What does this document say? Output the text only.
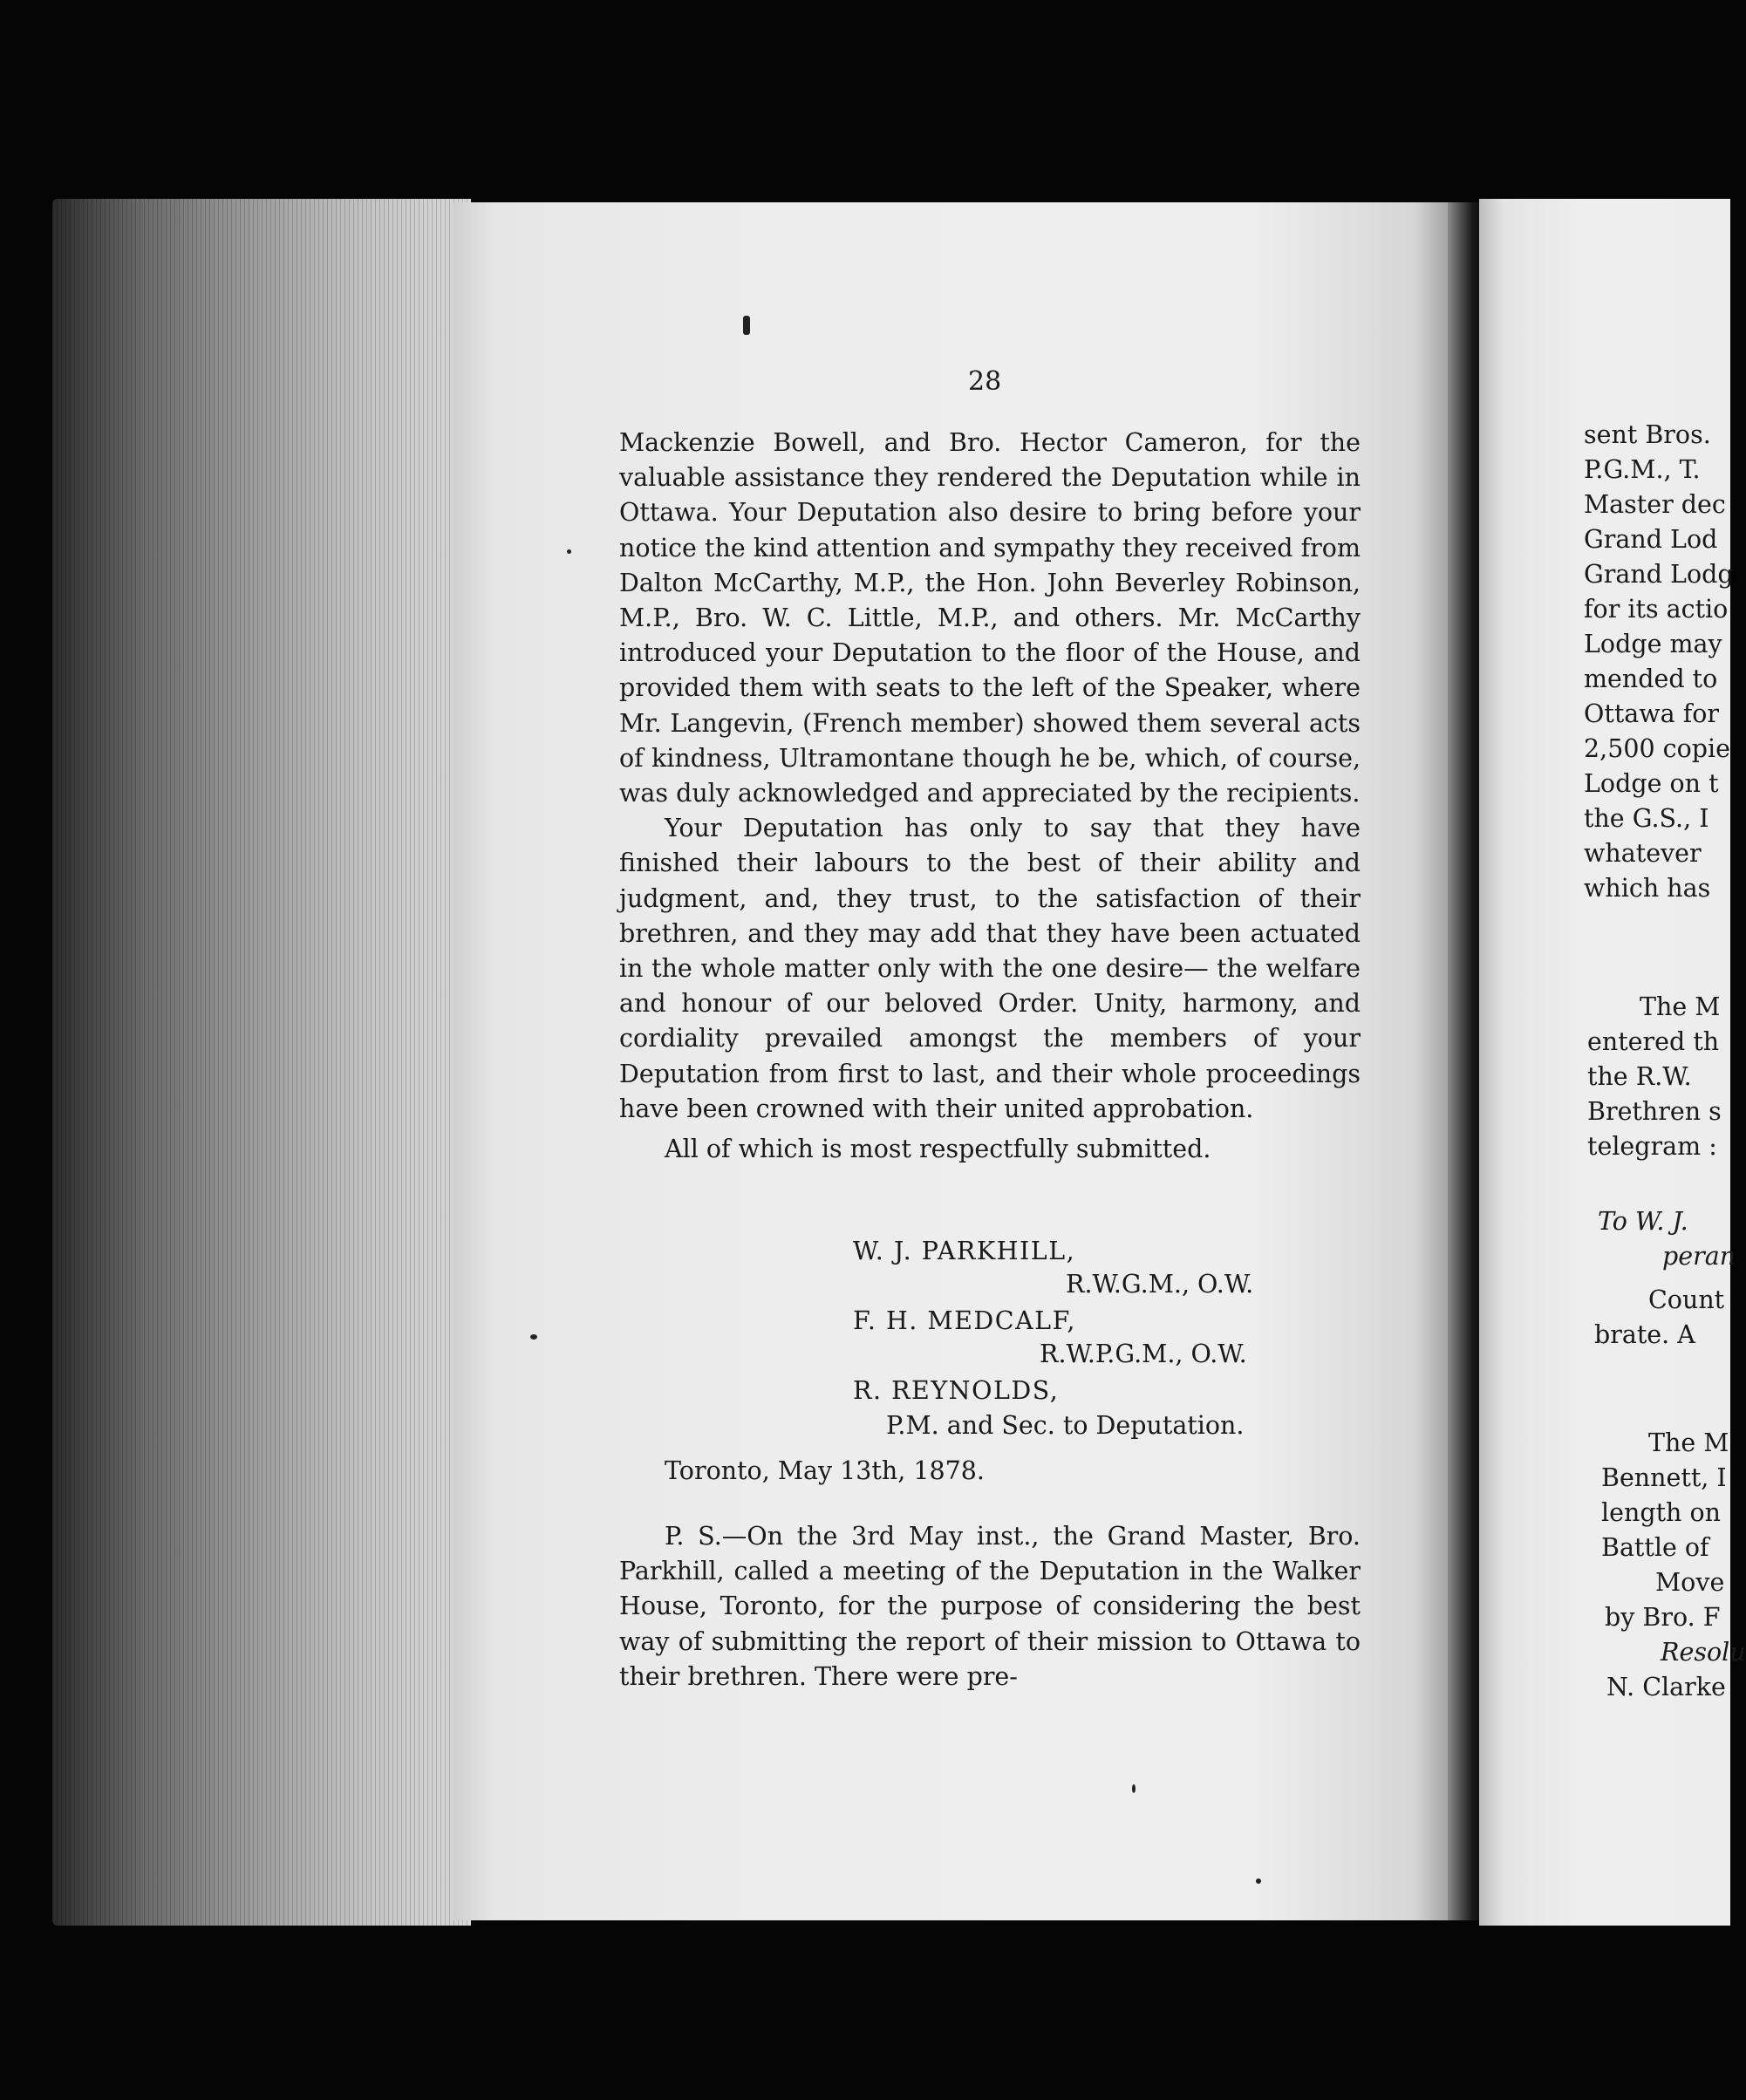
28

Mackenzie Bowell, and Bro. Hector Cameron, for the valuable assistance they rendered the Deputation while in Ottawa. Your Deputation also desire to bring before your notice the kind attention and sympathy they received from Dalton McCarthy, M.P., the Hon. John Beverley Robinson, M.P., Bro. W. C. Little, M.P., and others. Mr. McCarthy introduced your Deputation to the floor of the House, and provided them with seats to the left of the Speaker, where Mr. Langevin, (French member) showed them several acts of kindness, Ultramontane though he be, which, of course, was duly acknowledged and appreciated by the recipients.

Your Deputation has only to say that they have finished their labours to the best of their ability and judgment, and, they trust, to the satisfaction of their brethren, and they may add that they have been actuated in the whole matter only with the one desire— the welfare and honour of our beloved Order. Unity, harmony, and cordiality prevailed amongst the members of your Deputation from first to last, and their whole proceedings have been crowned with their united approbation.

All of which is most respectfully submitted.

W. J. PARKHILL,
R.W.G.M., O.W.
F. H. MEDCALF,
R.W.P.G.M., O.W.
R. REYNOLDS,
P.M. and Sec. to Deputation.
Toronto, May 13th, 1878.

P. S.—On the 3rd May inst., the Grand Master, Bro. Parkhill, called a meeting of the Deputation in the Walker House, Toronto, for the purpose of considering the best way of submitting the report of their mission to Ottawa to their brethren. There were pre-

sent Bros.
P.G.M., T.
Master dec
Grand Lod
Grand Lodg
for its actio
Lodge may
mended to
Ottawa for
2,500 copie
Lodge on t
the G.S., I
whatever
which has
The M
entered th
the R.W.
Brethren s
telegram :
To W. J.
peran
Count
brate. A
The M
Bennett, I
length on
Battle of
Move
by Bro. F
Resolu
N. Clarke
